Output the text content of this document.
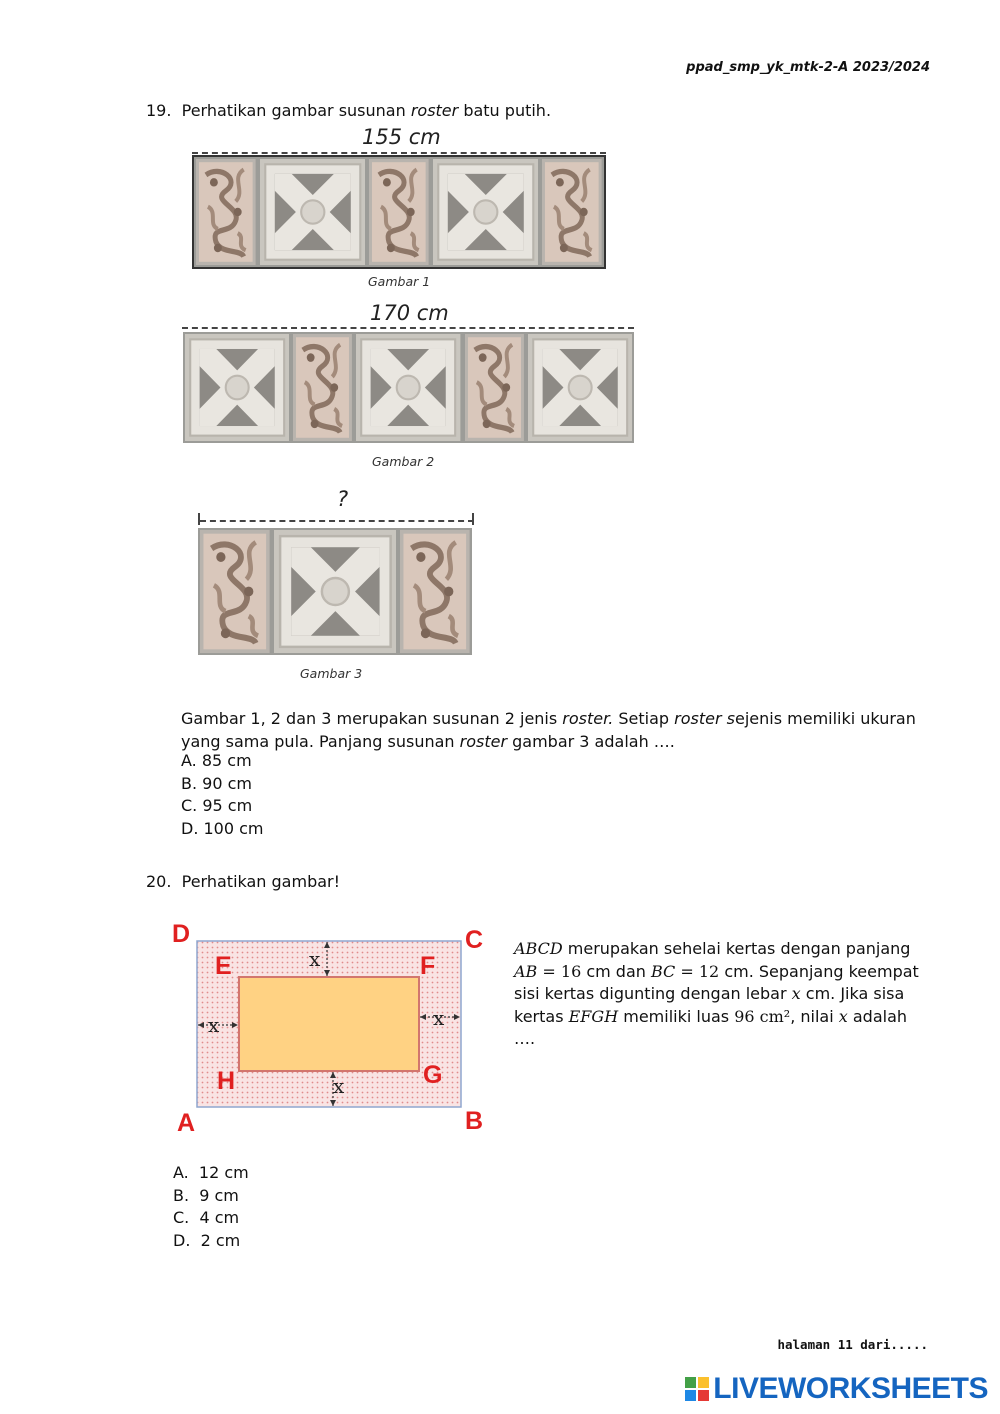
ppad_smp_yk_mtk-2-A 2023/2024
19. Perhatikan gambar susunan roster batu putih.
155 cm
Gambar 1
170 cm
Gambar 2
?
Gambar 3
Gambar 1, 2 dan 3 merupakan susunan 2 jenis roster. Setiap roster sejenis memiliki ukuran
yang sama pula. Panjang susunan roster gambar 3 adalah ….
A. 85 cm
B. 90 cm
C. 95 cm
D. 100 cm
20. Perhatikan gambar!
x
x
x	x
D	C
A	B
E	F
G
H
ABCD merupakan sehelai kertas dengan panjang
AB = 16 cm dan BC = 12 cm. Sepanjang keempat
sisi kertas digunting dengan lebar x cm. Jika sisa
kertas EFGH memiliki luas 96 cm², nilai x adalah
….
A. 12 cm
B. 9 cm
C. 4 cm
D. 2 cm
halaman 11 dari.....
LIVEWORKSHEETS
